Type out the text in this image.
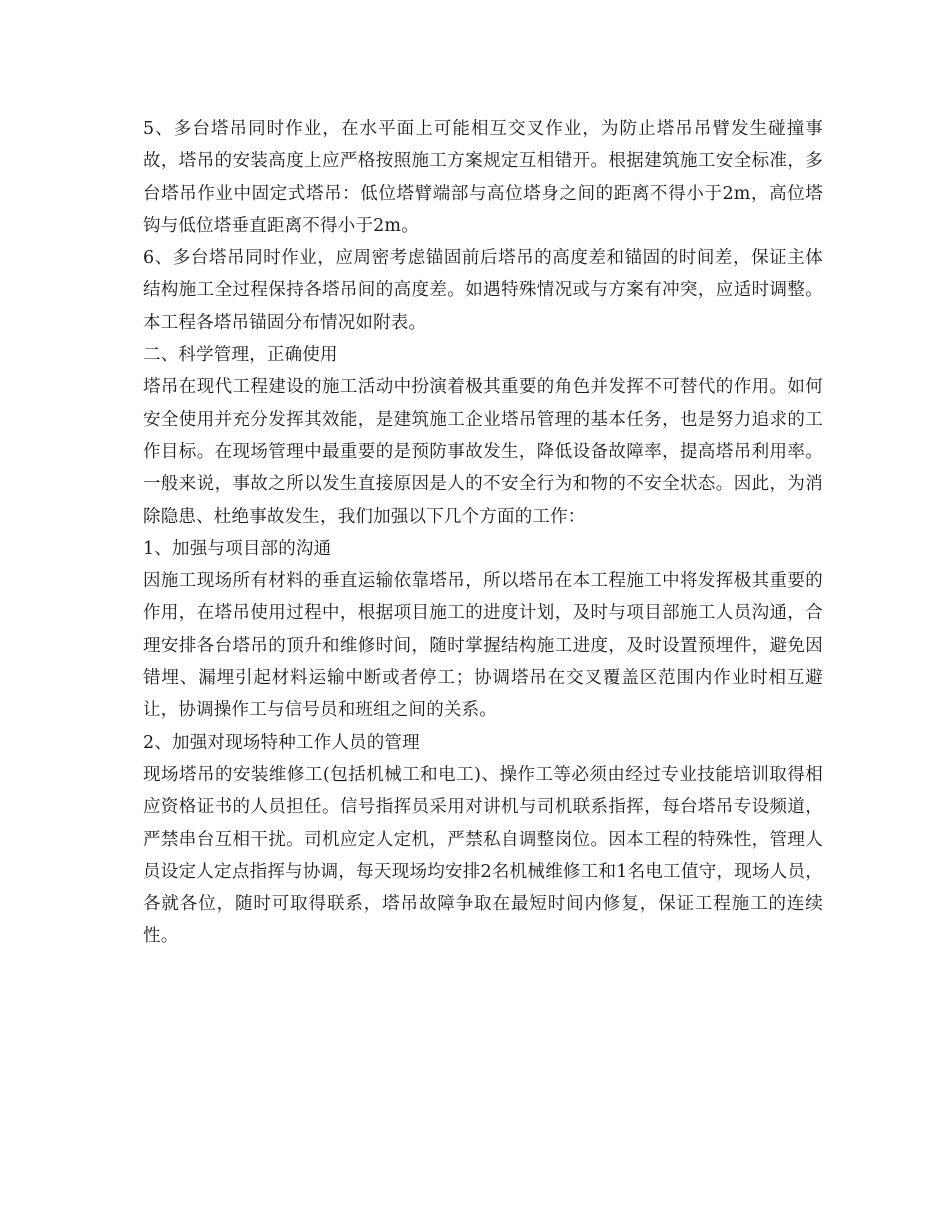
5、多台塔吊同时作业，在水平面上可能相互交叉作业，为防止塔吊吊臂发生碰撞事故，塔吊的安装高度上应严格按照施工方案规定互相错开。根据建筑施工安全标准，多台塔吊作业中固定式塔吊：低位塔臂端部与高位塔身之间的距离不得小于2m，高位塔钩与低位塔垂直距离不得小于2m。

6、多台塔吊同时作业，应周密考虑锚固前后塔吊的高度差和锚固的时间差，保证主体结构施工全过程保持各塔吊间的高度差。如遇特殊情况或与方案有冲突，应适时调整。本工程各塔吊锚固分布情况如附表。

二、科学管理，正确使用

塔吊在现代工程建设的施工活动中扮演着极其重要的角色并发挥不可替代的作用。如何安全使用并充分发挥其效能，是建筑施工企业塔吊管理的基本任务，也是努力追求的工作目标。在现场管理中最重要的是预防事故发生，降低设备故障率，提高塔吊利用率。一般来说，事故之所以发生直接原因是人的不安全行为和物的不安全状态。因此，为消除隐患、杜绝事故发生，我们加强以下几个方面的工作：

1、加强与项目部的沟通

因施工现场所有材料的垂直运输依靠塔吊，所以塔吊在本工程施工中将发挥极其重要的作用，在塔吊使用过程中，根据项目施工的进度计划，及时与项目部施工人员沟通，合理安排各台塔吊的顶升和维修时间，随时掌握结构施工进度，及时设置预埋件，避免因错埋、漏埋引起材料运输中断或者停工；协调塔吊在交叉覆盖区范围内作业时相互避让，协调操作工与信号员和班组之间的关系。

2、加强对现场特种工作人员的管理

现场塔吊的安装维修工(包括机械工和电工)、操作工等必须由经过专业技能培训取得相应资格证书的人员担任。信号指挥员采用对讲机与司机联系指挥，每台塔吊专设频道，严禁串台互相干扰。司机应定人定机，严禁私自调整岗位。因本工程的特殊性，管理人员设定人定点指挥与协调，每天现场均安排2名机械维修工和1名电工值守，现场人员，各就各位，随时可取得联系，塔吊故障争取在最短时间内修复，保证工程施工的连续性。
